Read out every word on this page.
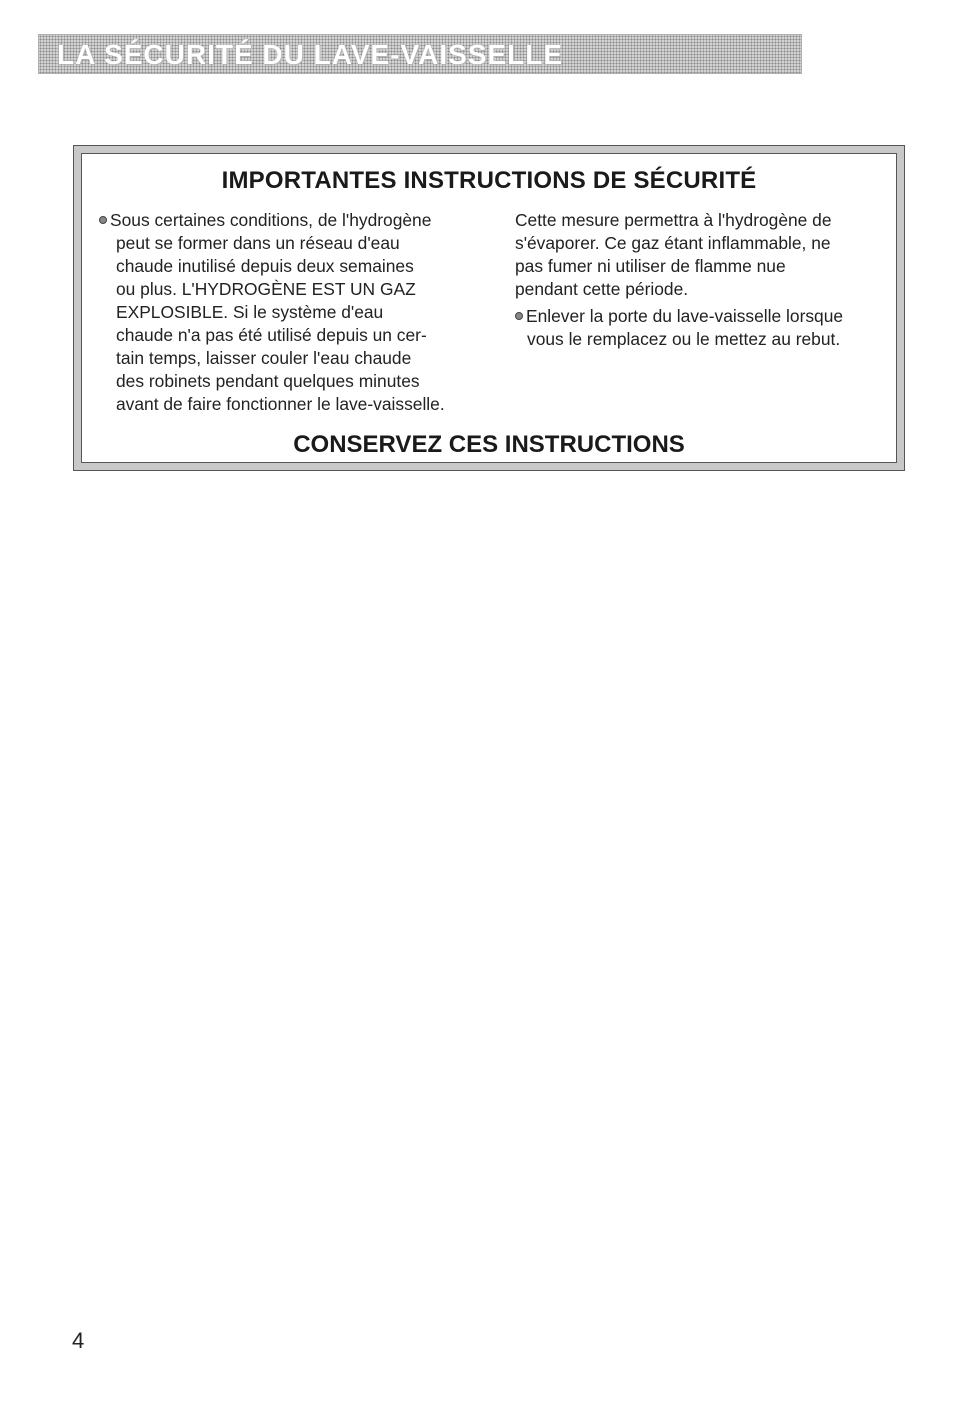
LA SÉCURITÉ DU LAVE-VAISSELLE
IMPORTANTES INSTRUCTIONS DE SÉCURITÉ
Sous certaines conditions, de l'hydrogène
peut se former dans un réseau d'eau
chaude inutilisé depuis deux semaines
ou plus. L'HYDROGÈNE EST UN GAZ
EXPLOSIBLE. Si le système d'eau
chaude n'a pas été utilisé depuis un cer-
tain temps, laisser couler l'eau chaude
des robinets pendant quelques minutes
avant de faire fonctionner le lave-vaisselle.
Cette mesure permettra à l'hydrogène de
s'évaporer. Ce gaz étant inflammable, ne
pas fumer ni utiliser de flamme nue
pendant cette période.
Enlever la porte du lave-vaisselle lorsque
vous le remplacez ou le mettez au rebut.
CONSERVEZ CES INSTRUCTIONS
4
